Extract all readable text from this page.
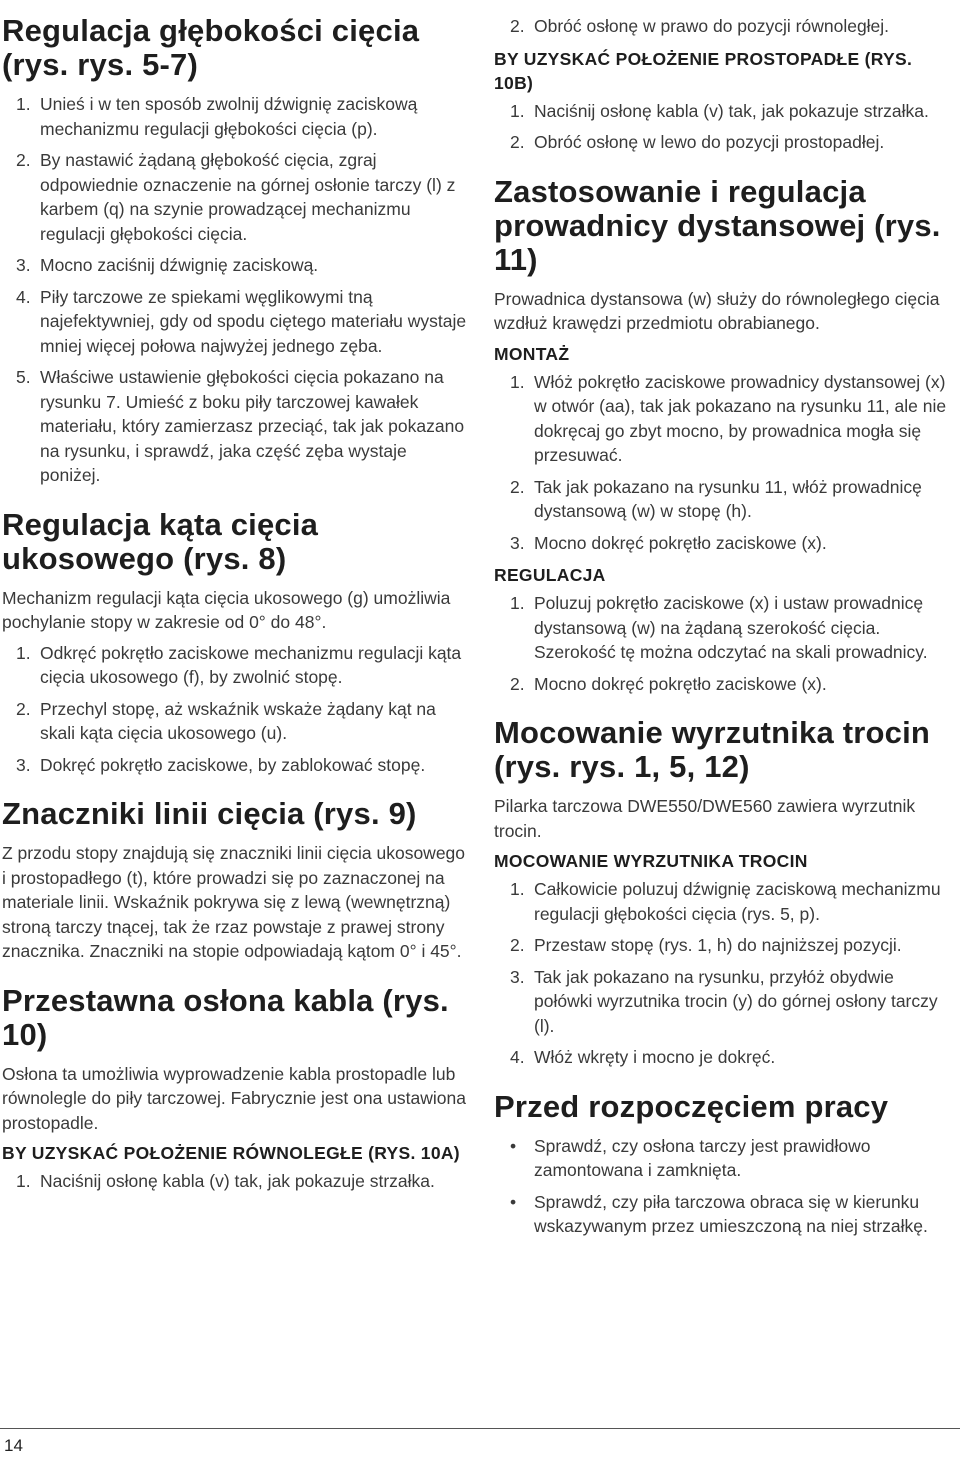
Regulacja głębokości cięcia (rys. rys. 5-7)
1. Unieś i w ten sposób zwolnij dźwignię zaciskową mechanizmu regulacji głębokości cięcia (p).
2. By nastawić żądaną głębokość cięcia, zgraj odpowiednie oznaczenie na górnej osłonie tarczy (l) z karbem (q) na szynie prowadzącej mechanizmu regulacji głębokości cięcia.
3. Mocno zaciśnij dźwignię zaciskową.
4. Piły tarczowe ze spiekami węglikowymi tną najefektywniej, gdy od spodu ciętego materiału wystaje mniej więcej połowa najwyżej jednego zęba.
5. Właściwe ustawienie głębokości cięcia pokazano na rysunku 7. Umieść z boku piły tarczowej kawałek materiału, który zamierzasz przeciąć, tak jak pokazano na rysunku, i sprawdź, jaka część zęba wystaje poniżej.
Regulacja kąta cięcia ukosowego (rys. 8)

Mechanizm regulacji kąta cięcia ukosowego (g) umożliwia pochylanie stopy w zakresie od 0° do 48°.

1. Odkręć pokrętło zaciskowe mechanizmu regulacji kąta cięcia ukosowego (f), by zwolnić stopę.
2. Przechyl stopę, aż wskaźnik wskaże żądany kąt na skali kąta cięcia ukosowego (u).
3. Dokręć pokrętło zaciskowe, by zablokować stopę.
Znaczniki linii cięcia (rys. 9)

Z przodu stopy znajdują się znaczniki linii cięcia ukosowego i prostopadłego (t), które prowadzi się po zaznaczonej na materiale linii. Wskaźnik pokrywa się z lewą (wewnętrzną) stroną tarczy tnącej, tak że rzaz powstaje z prawej strony znacznika. Znaczniki na stopie odpowiadają kątom 0° i 45°.

Przestawna osłona kabla (rys. 10)

Osłona ta umożliwia wyprowadzenie kabla prostopadle lub równolegle do piły tarczowej. Fabrycznie jest ona ustawiona prostopadle.

BY UZYSKAĆ POŁOŻENIE RÓWNOLEGŁE (RYS. 10A)
1. Naciśnij osłonę kabla (v) tak, jak pokazuje strzałka.
2. Obróć osłonę w prawo do pozycji równoległej.
BY UZYSKAĆ POŁOŻENIE PROSTOPADŁE (RYS. 10B)
1. Naciśnij osłonę kabla (v) tak, jak pokazuje strzałka.
2. Obróć osłonę w lewo do pozycji prostopadłej.
Zastosowanie i regulacja prowadnicy dystansowej (rys. 11)

Prowadnica dystansowa (w) służy do równoległego cięcia wzdłuż krawędzi przedmiotu obrabianego.

MONTAŻ
1. Włóż pokrętło zaciskowe prowadnicy dystansowej (x) w otwór (aa), tak jak pokazano na rysunku 11, ale nie dokręcaj go zbyt mocno, by prowadnica mogła się przesuwać.
2. Tak jak pokazano na rysunku 11, włóż prowadnicę dystansową (w) w stopę (h).
3. Mocno dokręć pokrętło zaciskowe (x).
REGULACJA
1. Poluzuj pokrętło zaciskowe (x) i ustaw prowadnicę dystansową (w) na żądaną szerokość cięcia. Szerokość tę można odczytać na skali prowadnicy.
2. Mocno dokręć pokrętło zaciskowe (x).
Mocowanie wyrzutnika trocin (rys. rys. 1, 5, 12)

Pilarka tarczowa DWE550/DWE560 zawiera wyrzutnik trocin.

MOCOWANIE WYRZUTNIKA TROCIN
1. Całkowicie poluzuj dźwignię zaciskową mechanizmu regulacji głębokości cięcia (rys. 5, p).
2. Przestaw stopę (rys. 1, h) do najniższej pozycji.
3. Tak jak pokazano na rysunku, przyłóż obydwie połówki wyrzutnika trocin (y) do górnej osłony tarczy (l).
4. Włóż wkręty i mocno je dokręć.
Przed rozpoczęciem pracy
• Sprawdź, czy osłona tarczy jest prawidłowo zamontowana i zamknięta.
• Sprawdź, czy piła tarczowa obraca się w kierunku wskazywanym przez umieszczoną na niej strzałkę.
14
